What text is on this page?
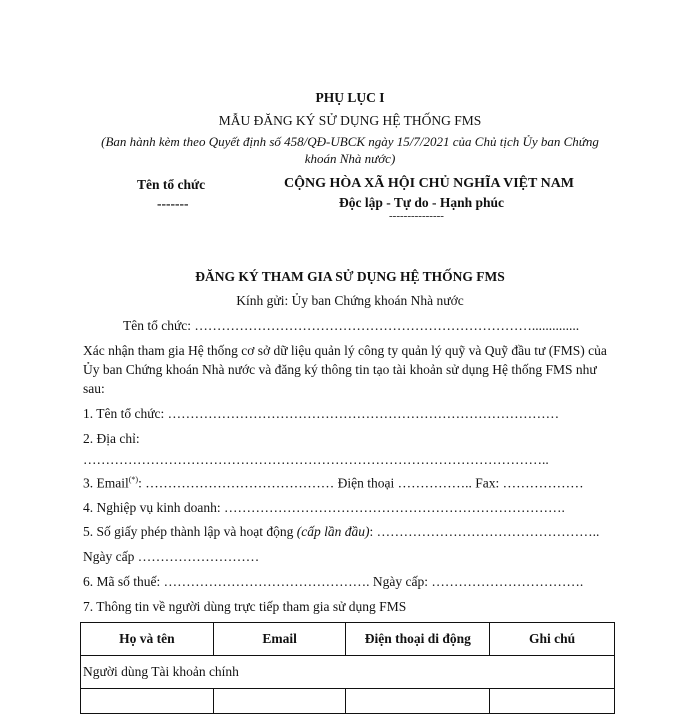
PHỤ LỤC I
MẪU ĐĂNG KÝ SỬ DỤNG HỆ THỐNG FMS
(Ban hành kèm theo Quyết định số 458/QĐ-UBCK ngày 15/7/2021 của Chủ tịch Ủy ban Chứng
khoán Nhà nước)
Tên tổ chức
-------
CỘNG HÒA XÃ HỘI CHỦ NGHĨA VIỆT NAM
Độc lập - Tự do - Hạnh phúc
---------------
ĐĂNG KÝ THAM GIA SỬ DỤNG HỆ THỐNG FMS
Kính gửi: Ủy ban Chứng khoán Nhà nước
Tên tổ chức: …………………………………………………………………..............
Xác nhận tham gia Hệ thống cơ sở dữ liệu quản lý công ty quản lý quỹ và Quỹ đầu tư (FMS) của
Ủy ban Chứng khoán Nhà nước và đăng ký thông tin tạo tài khoản sử dụng Hệ thống FMS như
sau:
1. Tên tổ chức: ……………………………………………………………………………
2. Địa chỉ:
…………………………………………………………………………………………..
3. Email(*): …………………………………… Điện thoại …………….. Fax: ………………
4. Nghiệp vụ kinh doanh: ………………………………………………………………….
5. Số giấy phép thành lập và hoạt động (cấp lần đầu): …………………………………………..
Ngày cấp ………………………
6. Mã số thuế: ………………………………………. Ngày cấp: …………………………….
7. Thông tin về người dùng trực tiếp tham gia sử dụng FMS
Họ và tên	Email	Điện thoại di động	Ghi chú
Người dùng Tài khoản chính			
